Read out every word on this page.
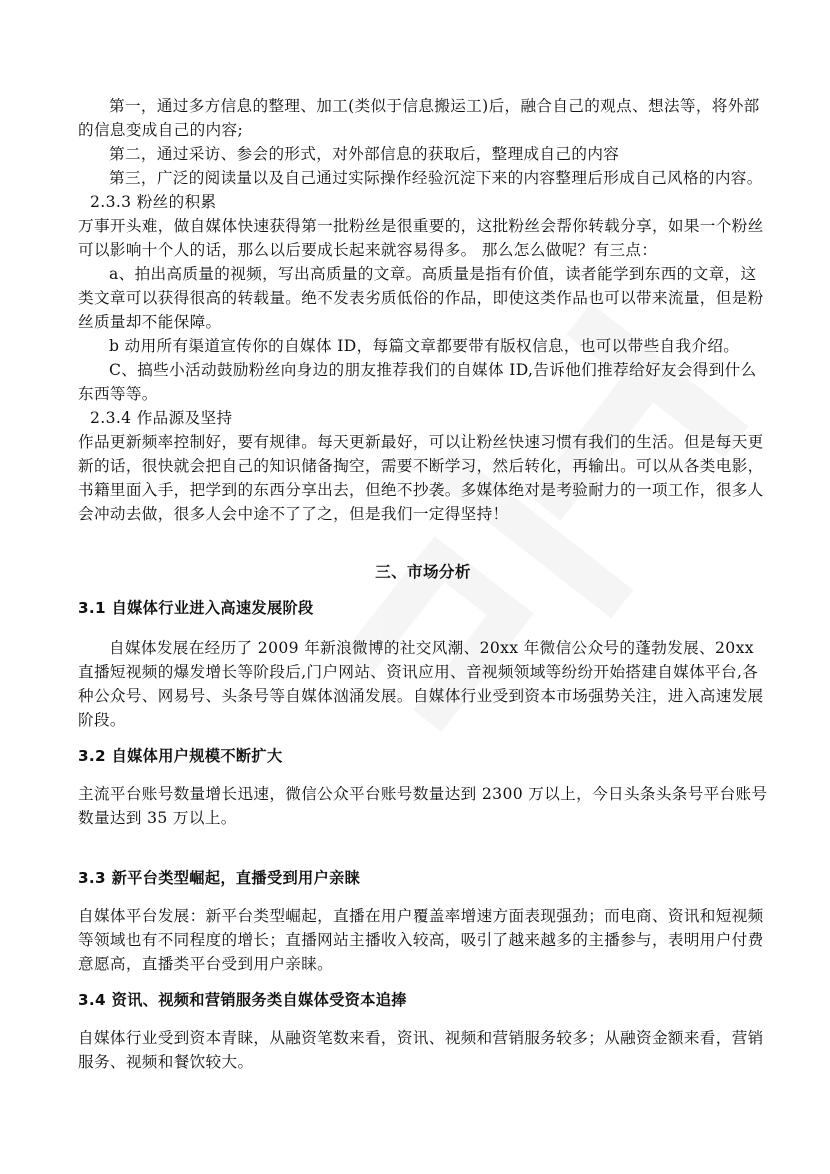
第一，通过多方信息的整理、加工(类似于信息搬运工)后，融合自己的观点、想法等，将外部的信息变成自己的内容;

第二，通过采访、参会的形式，对外部信息的获取后，整理成自己的内容

第三，广泛的阅读量以及自己通过实际操作经验沉淀下来的内容整理后形成自己风格的内容。

2.3.3 粉丝的积累

万事开头难，做自媒体快速获得第一批粉丝是很重要的，这批粉丝会帮你转载分享，如果一个粉丝可以影响十个人的话，那么以后要成长起来就容易得多。 那么怎么做呢？有三点：

a、拍出高质量的视频，写出高质量的文章。高质量是指有价值，读者能学到东西的文章，这类文章可以获得很高的转载量。绝不发表劣质低俗的作品，即使这类作品也可以带来流量，但是粉丝质量却不能保障。

b 动用所有渠道宣传你的自媒体 ID，每篇文章都要带有版权信息，也可以带些自我介绍。

C、搞些小活动鼓励粉丝向身边的朋友推荐我们的自媒体 ID,告诉他们推荐给好友会得到什么东西等等。

2.3.4 作品源及坚持

作品更新频率控制好，要有规律。每天更新最好，可以让粉丝快速习惯有我们的生活。但是每天更新的话，很快就会把自己的知识储备掏空，需要不断学习，然后转化，再输出。可以从各类电影，书籍里面入手，把学到的东西分享出去，但绝不抄袭。多媒体绝对是考验耐力的一项工作，很多人会冲动去做，很多人会中途不了了之，但是我们一定得坚持！

三、市场分析

3.1 自媒体行业进入高速发展阶段

自媒体发展在经历了 2009 年新浪微博的社交风潮、20xx 年微信公众号的蓬勃发展、20xx 直播短视频的爆发增长等阶段后,门户网站、资讯应用、音视频领域等纷纷开始搭建自媒体平台,各种公众号、网易号、头条号等自媒体汹涌发展。自媒体行业受到资本市场强势关注，进入高速发展阶段。

3.2 自媒体用户规模不断扩大

主流平台账号数量增长迅速，微信公众平台账号数量达到 2300 万以上，今日头条头条号平台账号数量达到 35 万以上。

3.3 新平台类型崛起，直播受到用户亲睐

自媒体平台发展：新平台类型崛起，直播在用户覆盖率增速方面表现强劲；而电商、资讯和短视频等领域也有不同程度的增长；直播网站主播收入较高，吸引了越来越多的主播参与，表明用户付费意愿高，直播类平台受到用户亲睐。

3.4 资讯、视频和营销服务类自媒体受资本追捧

自媒体行业受到资本青睐，从融资笔数来看，资讯、视频和营销服务较多；从融资金额来看，营销服务、视频和餐饮较大。
